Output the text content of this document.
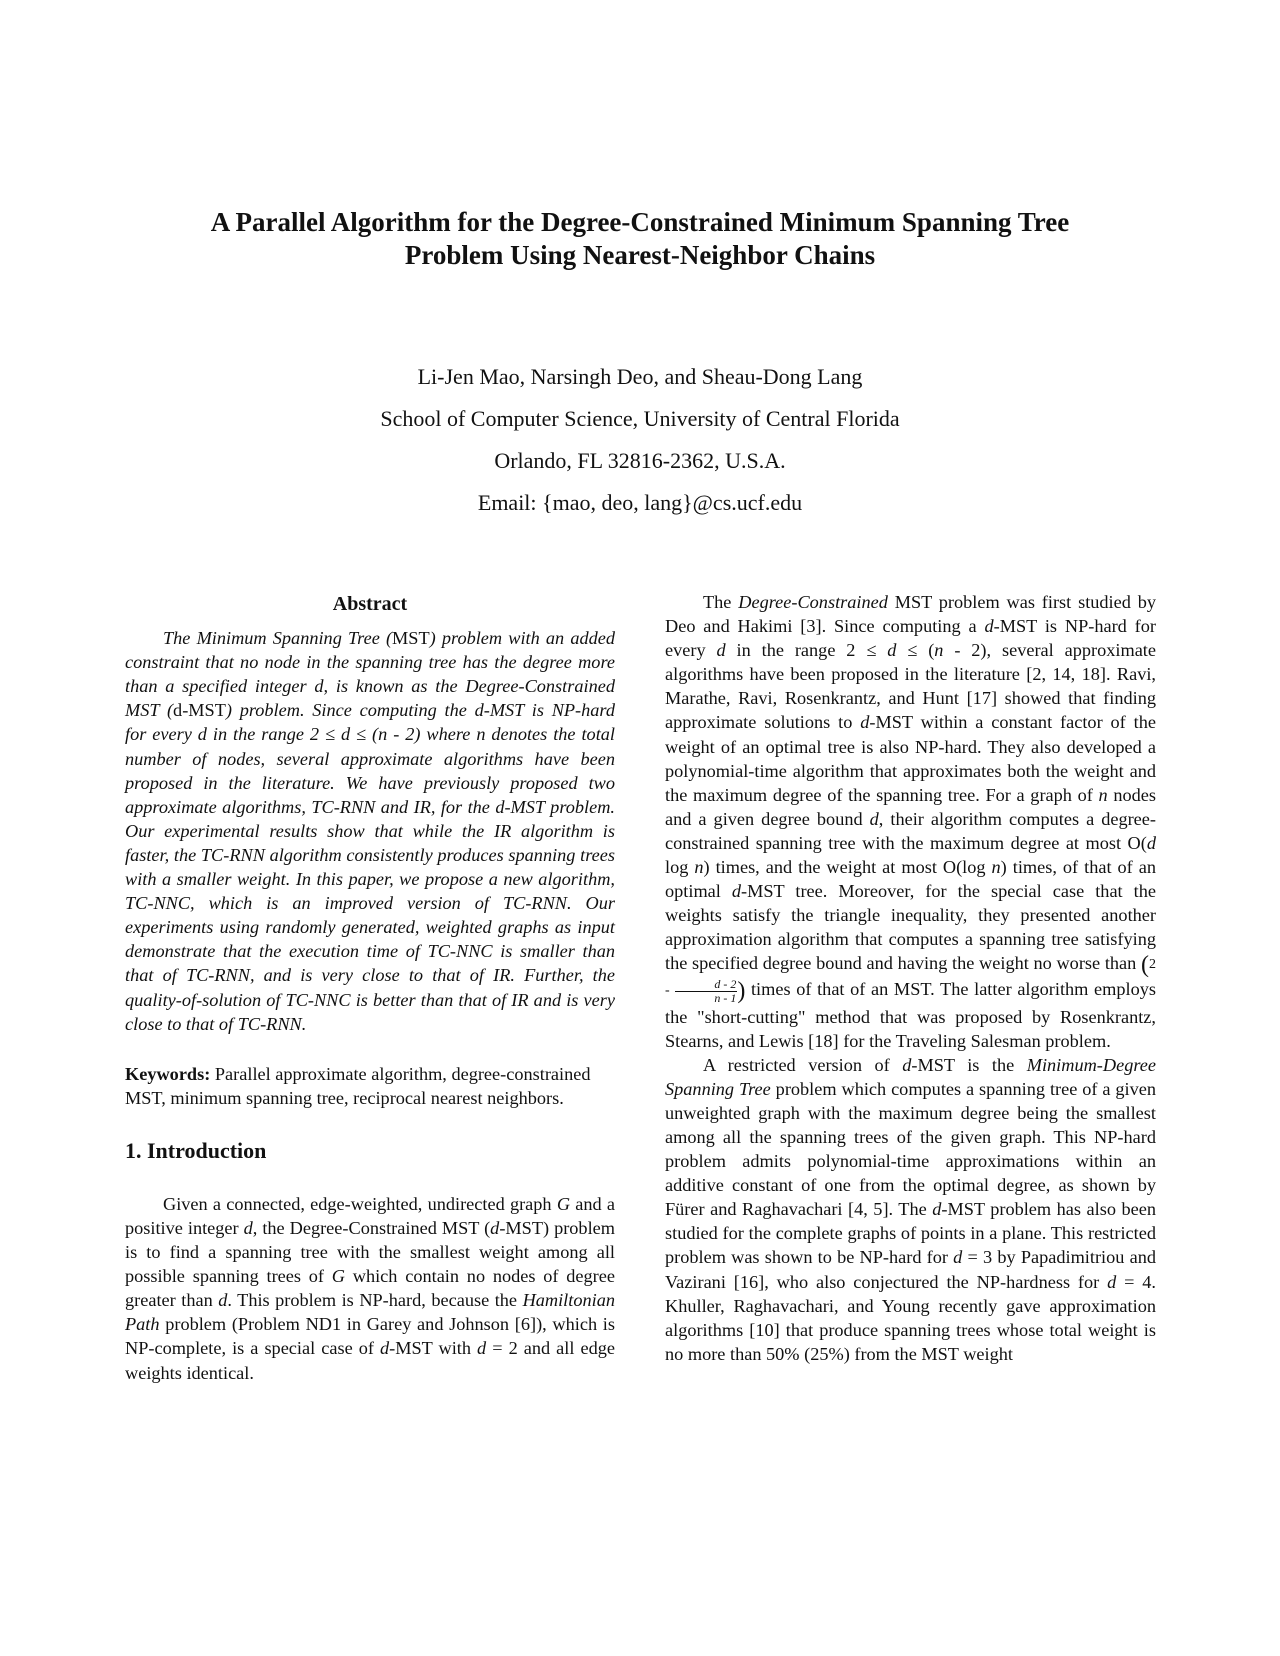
A Parallel Algorithm for the Degree-Constrained Minimum Spanning Tree
Problem Using Nearest-Neighbor Chains
Li-Jen Mao, Narsingh Deo, and Sheau-Dong Lang
School of Computer Science, University of Central Florida
Orlando, FL 32816-2362, U.S.A.
Email: {mao, deo, lang}@cs.ucf.edu
Abstract

The Minimum Spanning Tree (MST) problem with an added constraint that no node in the spanning tree has the degree more than a specified integer d, is known as the Degree-Constrained MST (d-MST) problem. Since computing the d-MST is NP-hard for every d in the range 2 ≤ d ≤ (n - 2) where n denotes the total number of nodes, several approximate algorithms have been proposed in the literature. We have previously proposed two approximate algorithms, TC-RNN and IR, for the d-MST problem. Our experimental results show that while the IR algorithm is faster, the TC-RNN algorithm consistently produces spanning trees with a smaller weight. In this paper, we propose a new algorithm, TC-NNC, which is an improved version of TC-RNN. Our experiments using randomly generated, weighted graphs as input demonstrate that the execution time of TC-NNC is smaller than that of TC-RNN, and is very close to that of IR. Further, the quality-of-solution of TC-NNC is better than that of IR and is very close to that of TC-RNN.

Keywords: Parallel approximate algorithm, degree-constrained MST, minimum spanning tree, reciprocal nearest neighbors.

1. Introduction

Given a connected, edge-weighted, undirected graph G and a positive integer d, the Degree-Constrained MST (d-MST) problem is to find a spanning tree with the smallest weight among all possible spanning trees of G which contain no nodes of degree greater than d. This problem is NP-hard, because the Hamiltonian Path problem (Problem ND1 in Garey and Johnson [6]), which is NP-complete, is a special case of d-MST with d = 2 and all edge weights identical.

The Degree-Constrained MST problem was first studied by Deo and Hakimi [3]. Since computing a d-MST is NP-hard for every d in the range 2 ≤ d ≤ (n - 2), several approximate algorithms have been proposed in the literature [2, 14, 18]. Ravi, Marathe, Ravi, Rosenkrantz, and Hunt [17] showed that finding approximate solutions to d-MST within a constant factor of the weight of an optimal tree is also NP-hard. They also developed a polynomial-time algorithm that approximates both the weight and the maximum degree of the spanning tree. For a graph of n nodes and a given degree bound d, their algorithm computes a degree-constrained spanning tree with the maximum degree at most O(d log n) times, and the weight at most O(log n) times, of that of an optimal d-MST tree. Moreover, for the special case that the weights satisfy the triangle inequality, they presented another approximation algorithm that computes a spanning tree satisfying the specified degree bound and having the weight no worse than ($2 - \frac{d - 2}{n - 1}$ ) times of that of an MST. The latter algorithm employs the "short-cutting" method that was proposed by Rosenkrantz, Stearns, and Lewis [18] for the Traveling Salesman problem.

A restricted version of d-MST is the Minimum-Degree Spanning Tree problem which computes a spanning tree of a given unweighted graph with the maximum degree being the smallest among all the spanning trees of the given graph. This NP-hard problem admits polynomial-time approximations within an additive constant of one from the optimal degree, as shown by Fürer and Raghavachari [4, 5]. The d-MST problem has also been studied for the complete graphs of points in a plane. This restricted problem was shown to be NP-hard for d = 3 by Papadimitriou and Vazirani [16], who also conjectured the NP-hardness for d = 4. Khuller, Raghavachari, and Young recently gave approximation algorithms [10] that produce spanning trees whose total weight is no more than 50% (25%) from the MST weight
